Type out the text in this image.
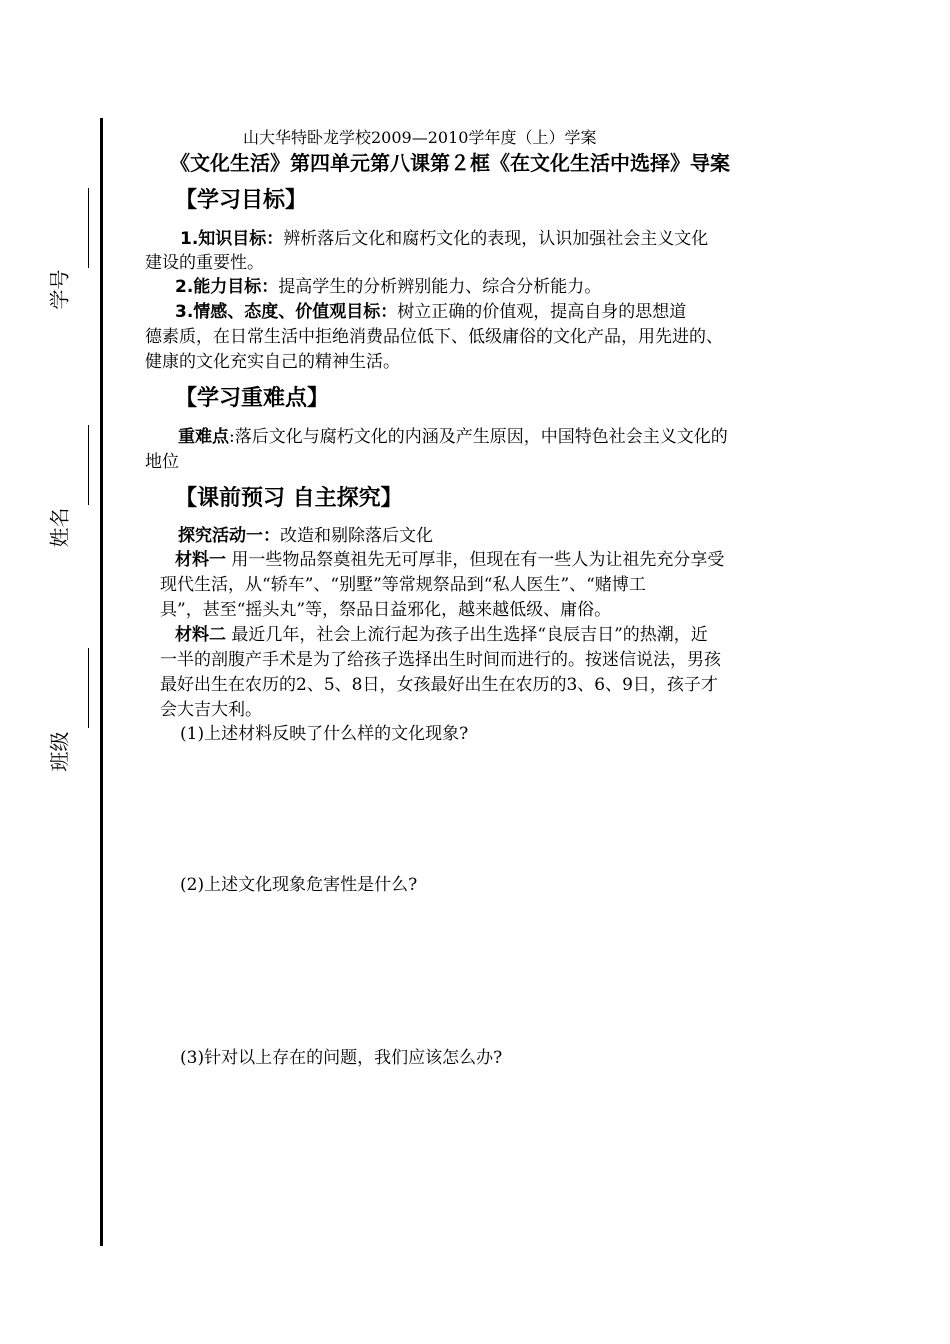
学号
姓名
班级
山大华特卧龙学校2009—2010学年度（上）学案
《文化生活》第四单元第八课第２框《在文化生活中选择》导案
【学习目标】
1.知识目标：辨析落后文化和腐朽文化的表现，认识加强社会主义文化
建设的重要性。
2.能力目标：提高学生的分析辨别能力、综合分析能力。
3.情感、态度、价值观目标：树立正确的价值观，提高自身的思想道
德素质，在日常生活中拒绝消费品位低下、低级庸俗的文化产品，用先进的、
健康的文化充实自己的精神生活。
【学习重难点】
重难点:落后文化与腐朽文化的内涵及产生原因，中国特色社会主义文化的
地位
【课前预习 自主探究】
探究活动一：改造和剔除落后文化
材料一 用一些物品祭奠祖先无可厚非，但现在有一些人为让祖先充分享受
现代生活，从“轿车”、“别墅”等常规祭品到“私人医生”、“赌博工
具”，甚至“摇头丸”等，祭品日益邪化，越来越低级、庸俗。
材料二 最近几年，社会上流行起为孩子出生选择“良辰吉日”的热潮，近
一半的剖腹产手术是为了给孩子选择出生时间而进行的。按迷信说法，男孩
最好出生在农历的2、5、8日，女孩最好出生在农历的3、6、9日，孩子才
会大吉大利。
(1)上述材料反映了什么样的文化现象?
(2)上述文化现象危害性是什么?
(3)针对以上存在的问题，我们应该怎么办?
